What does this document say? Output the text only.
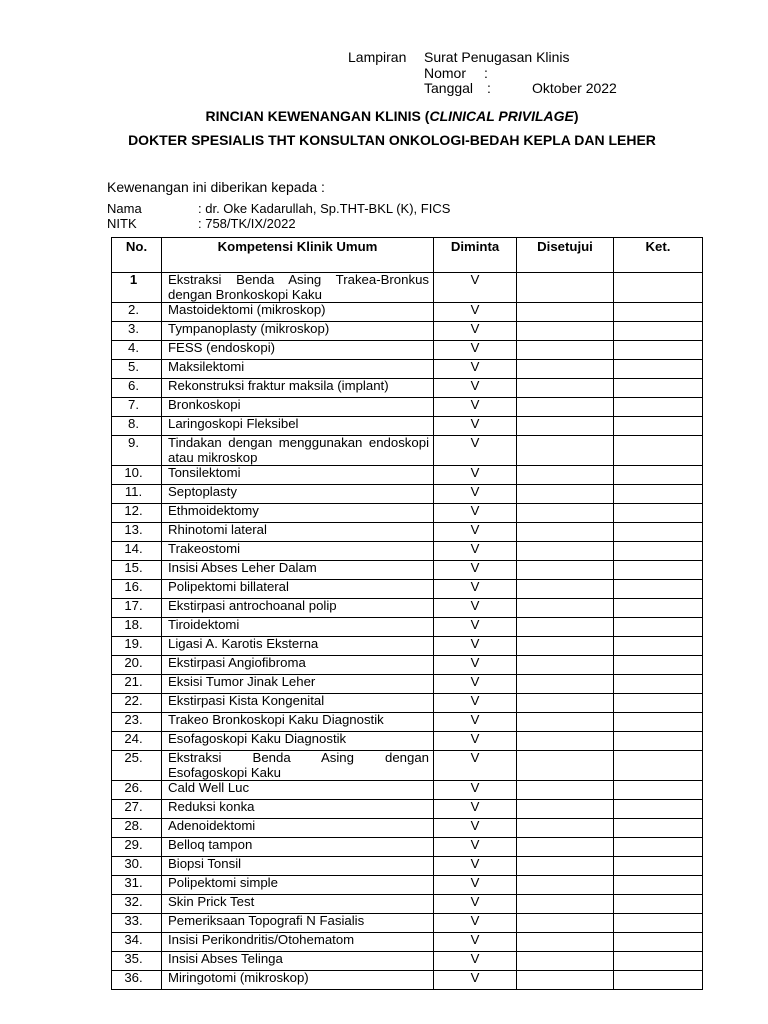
Lampiran Surat Penugasan Klinis
Nomor :
Tanggal :	Oktober 2022
RINCIAN KEWENANGAN KLINIS (CLINICAL PRIVILAGE)
DOKTER SPESIALIS THT KONSULTAN ONKOLOGI-BEDAH KEPLA DAN LEHER
Kewenangan ini diberikan kepada :
Nama	: dr. Oke Kadarullah, Sp.THT-BKL (K), FICS
NITK	: 758/TK/IX/2022
No.	Kompetensi Klinik Umum	Diminta	Disetujui	Ket.
1	Ekstraksi Benda Asing Trakea-Bronkus dengan Bronkoskopi Kaku	V		
2.	Mastoidektomi (mikroskop)	V		
3.	Tympanoplasty (mikroskop)	V		
4.	FESS (endoskopi)	V		
5.	Maksilektomi	V		
6.	Rekonstruksi fraktur maksila (implant)	V		
7.	Bronkoskopi	V		
8.	Laringoskopi Fleksibel	V		
9.	Tindakan dengan menggunakan endoskopi atau mikroskop	V		
10.	Tonsilektomi	V		
11.	Septoplasty	V		
12.	Ethmoidektomy	V		
13.	Rhinotomi lateral	V		
14.	Trakeostomi	V		
15.	Insisi Abses Leher Dalam	V		
16.	Polipektomi billateral	V		
17.	Ekstirpasi antrochoanal polip	V		
18.	Tiroidektomi	V		
19.	Ligasi A. Karotis Eksterna	V		
20.	Ekstirpasi Angiofibroma	V		
21.	Eksisi Tumor Jinak Leher	V		
22.	Ekstirpasi Kista Kongenital	V		
23.	Trakeo Bronkoskopi Kaku Diagnostik	V		
24.	Esofagoskopi Kaku Diagnostik	V		
25.	Ekstraksi Benda Asing dengan Esofagoskopi Kaku	V		
26.	Cald Well Luc	V		
27.	Reduksi konka	V		
28.	Adenoidektomi	V		
29.	Belloq tampon	V		
30.	Biopsi Tonsil	V		
31.	Polipektomi simple	V		
32.	Skin Prick Test	V		
33.	Pemeriksaan Topografi N Fasialis	V		
34.	Insisi Perikondritis/Otohematom	V		
35.	Insisi Abses Telinga	V		
36.	Miringotomi (mikroskop)	V		
